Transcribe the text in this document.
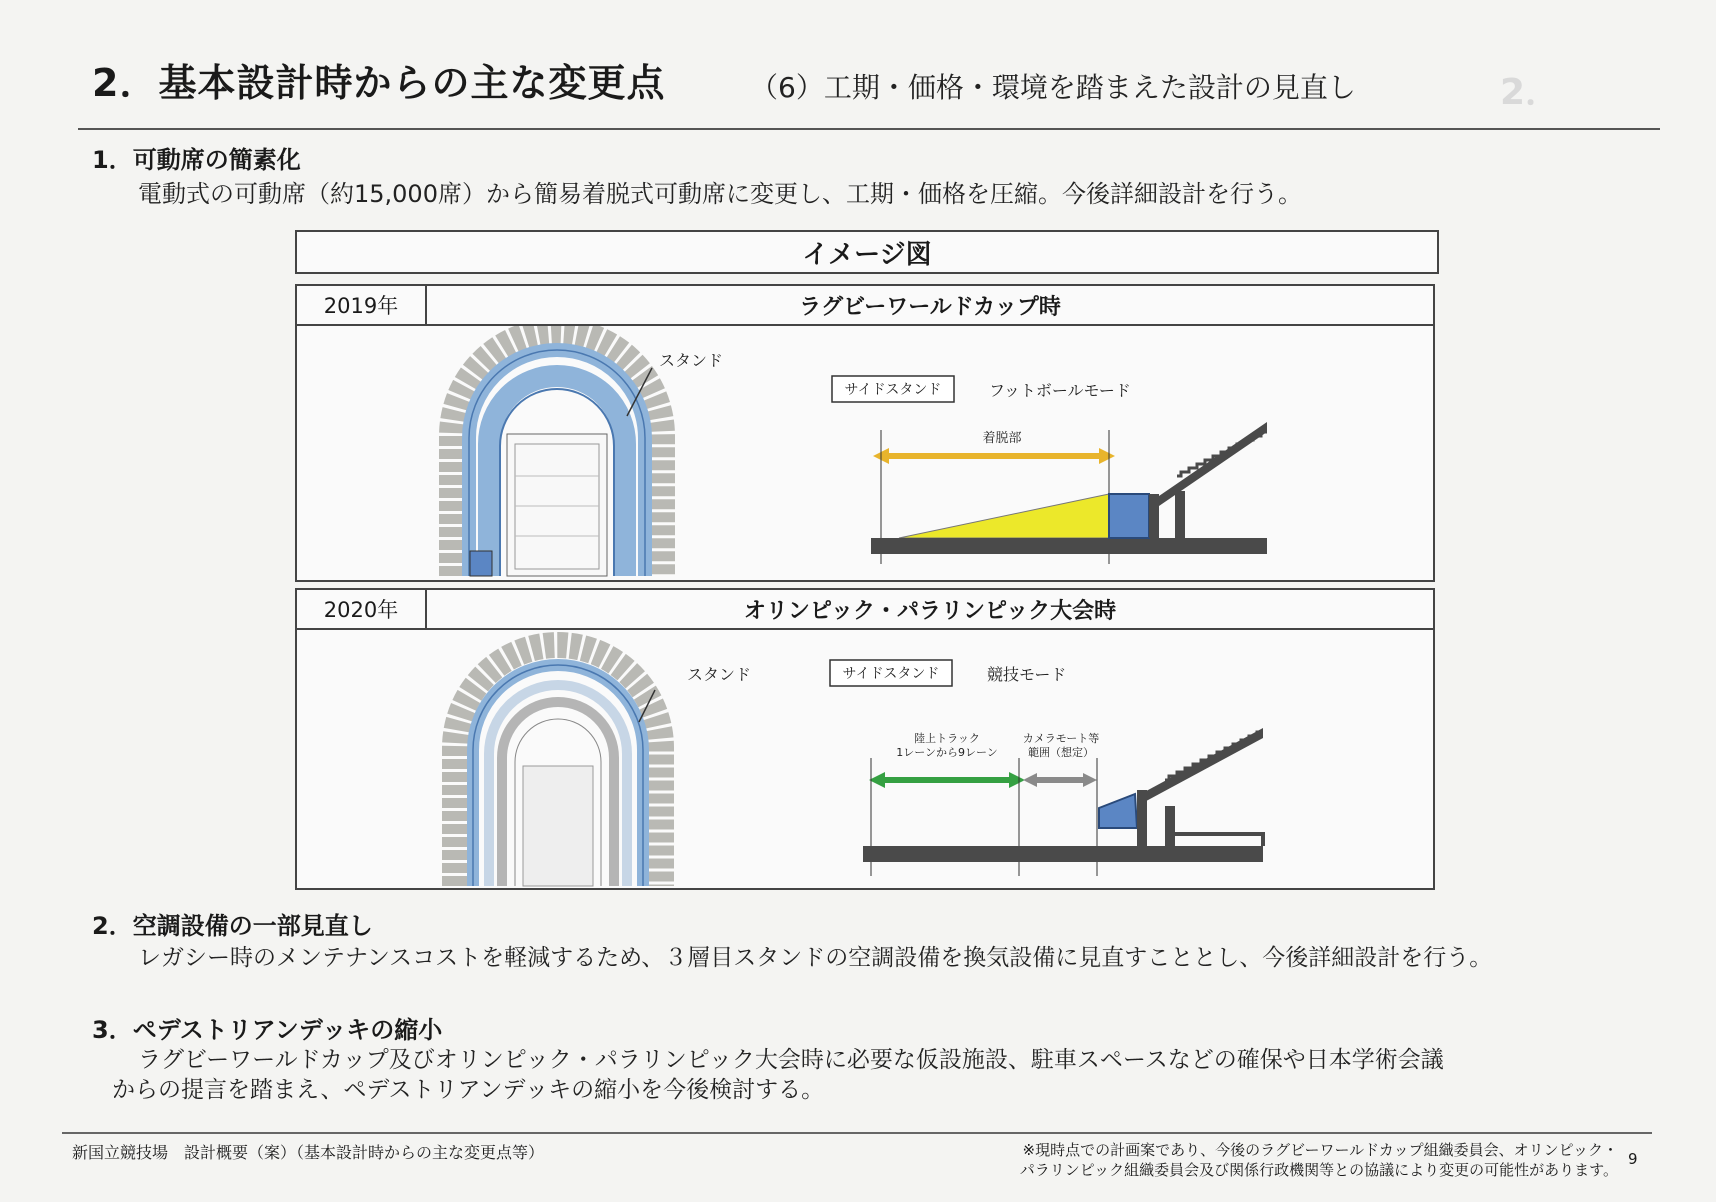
2．
2．基本設計時からの主な変更点	（6）工期・価格・環境を踏まえた設計の見直し
1．可動席の簡素化
電動式の可動席（約15,000席）から簡易着脱式可動席に変更し、工期・価格を圧縮。今後詳細設計を行う。
イメージ図
2019年	ラグビーワールドカップ時
スタンド
サイドスタンド	フットボールモード
着脱部
2020年	オリンピック・パラリンピック大会時
スタンド	サイドスタンド	競技モード
陸上トラック
1レーンから9レーン
カメラモート等
範囲（想定）
2．空調設備の一部見直し
レガシー時のメンテナンスコストを軽減するため、３層目スタンドの空調設備を換気設備に見直すこととし、今後詳細設計を行う。
3．ペデストリアンデッキの縮小
ラグビーワールドカップ及びオリンピック・パラリンピック大会時に必要な仮設施設、駐車スペースなどの確保や日本学術会議
からの提言を踏まえ、ペデストリアンデッキの縮小を今後検討する。
新国立競技場　設計概要（案）（基本設計時からの主な変更点等）	※現時点での計画案であり、今後のラグビーワールドカップ組織委員会、オリンピック・
パラリンピック組織委員会及び関係行政機関等との協議により変更の可能性があります。
9
